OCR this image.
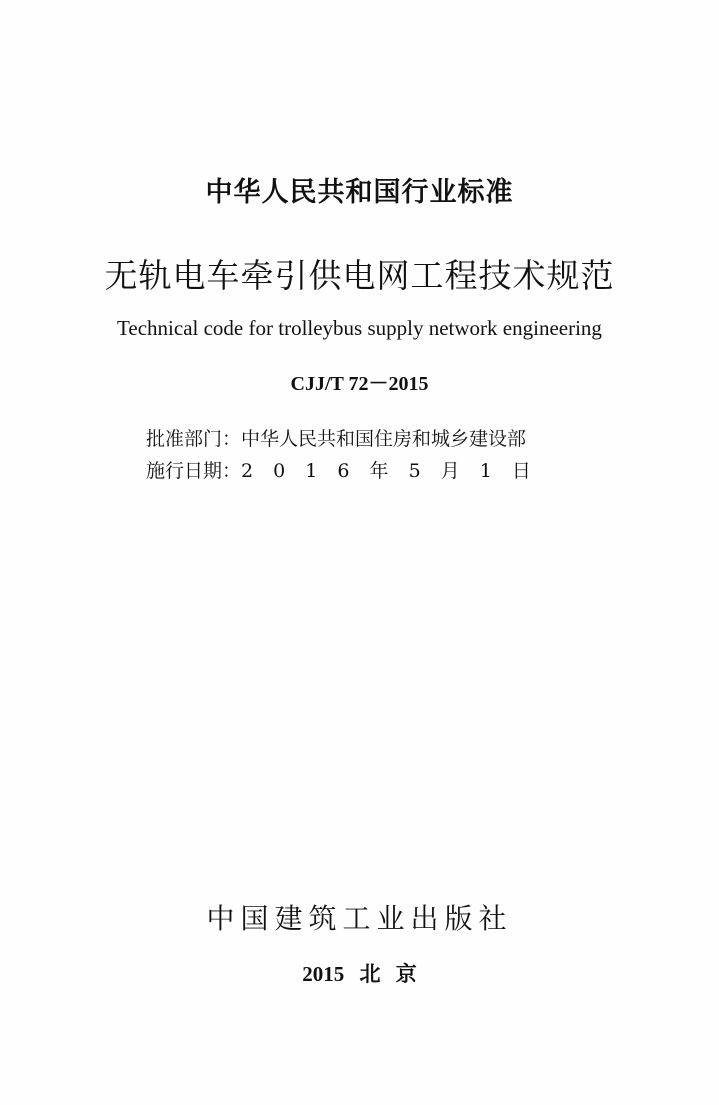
中华人民共和国行业标准
无轨电车牵引供电网工程技术规范
Technical code for trolleybus supply network engineering
CJJ/T 72－2015
批准部门：中华人民共和国住房和城乡建设部
施行日期：2 0 1 6 年 5 月 1 日
中国建筑工业出版社
2015 北 京
